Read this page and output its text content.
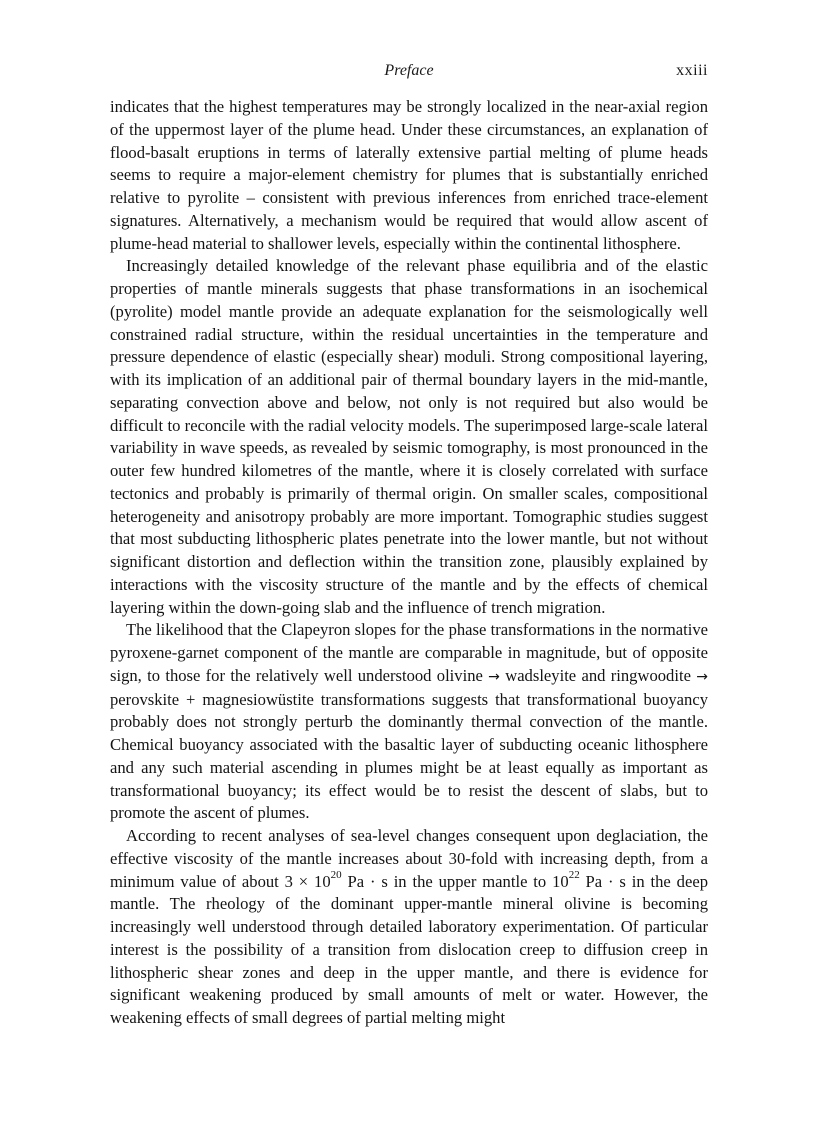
Preface	xxiii

indicates that the highest temperatures may be strongly localized in the near-axial region of the uppermost layer of the plume head. Under these circumstances, an explanation of flood-basalt eruptions in terms of laterally extensive partial melting of plume heads seems to require a major-element chemistry for plumes that is substantially enriched relative to pyrolite – consistent with previous inferences from enriched trace-element signatures. Alternatively, a mechanism would be required that would allow ascent of plume-head material to shallower levels, especially within the continental lithosphere.

Increasingly detailed knowledge of the relevant phase equilibria and of the elastic properties of mantle minerals suggests that phase transformations in an isochemical (pyrolite) model mantle provide an adequate explanation for the seismologically well constrained radial structure, within the residual uncertainties in the temperature and pressure dependence of elastic (especially shear) moduli. Strong compositional layering, with its implication of an additional pair of thermal boundary layers in the mid-mantle, separating convection above and below, not only is not required but also would be difficult to reconcile with the radial velocity models. The superimposed large-scale lateral variability in wave speeds, as revealed by seismic tomography, is most pronounced in the outer few hundred kilometres of the mantle, where it is closely correlated with surface tectonics and probably is primarily of thermal origin. On smaller scales, compositional heterogeneity and anisotropy probably are more important. Tomographic studies suggest that most subducting lithospheric plates penetrate into the lower mantle, but not without significant distortion and deflection within the transition zone, plausibly explained by interactions with the viscosity structure of the mantle and by the effects of chemical layering within the down-going slab and the influence of trench migration.

The likelihood that the Clapeyron slopes for the phase transformations in the normative pyroxene-garnet component of the mantle are comparable in magnitude, but of opposite sign, to those for the relatively well understood olivine → wadsleyite and ringwoodite → perovskite + magnesiowüstite transformations suggests that transformational buoyancy probably does not strongly perturb the dominantly thermal convection of the mantle. Chemical buoyancy associated with the basaltic layer of subducting oceanic lithosphere and any such material ascending in plumes might be at least equally as important as transformational buoyancy; its effect would be to resist the descent of slabs, but to promote the ascent of plumes.

According to recent analyses of sea-level changes consequent upon deglaciation, the effective viscosity of the mantle increases about 30-fold with increasing depth, from a minimum value of about $3 \times 10^{20}$ Pa · s in the upper mantle to $10^{22}$ Pa · s in the deep mantle. The rheology of the dominant upper-mantle mineral olivine is becoming increasingly well understood through detailed laboratory experimentation. Of particular interest is the possibility of a transition from dislocation creep to diffusion creep in lithospheric shear zones and deep in the upper mantle, and there is evidence for significant weakening produced by small amounts of melt or water. However, the weakening effects of small degrees of partial melting might
